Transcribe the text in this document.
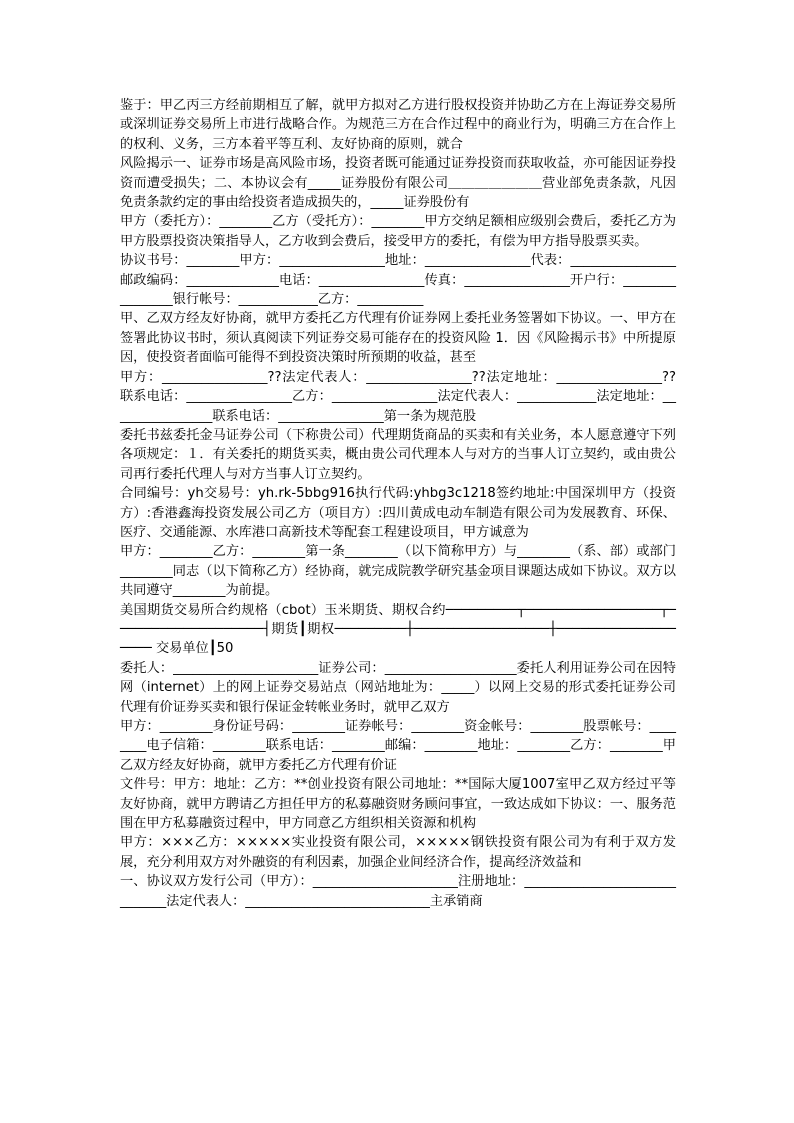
鉴于：甲乙丙三方经前期相互了解，就甲方拟对乙方进行股权投资并协助乙方在上海证券交易所或深圳证券交易所上市进行战略合作。为规范三方在合作过程中的商业行为，明确三方在合作上的权利、义务，三方本着平等互利、友好协商的原则，就合

风险揭示一、证券市场是高风险市场，投资者既可能通过证券投资而获取收益，亦可能因证券投资而遭受损失；二、本协议会有_____证券股份有限公司＿＿＿＿＿＿＿营业部免责条款，凡因免责条款约定的事由给投资者造成损失的，_____证券股份有

甲方（委托方）：________乙方（受托方）：________甲方交纳足额相应级别会费后，委托乙方为甲方股票投资决策指导人，乙方收到会费后，接受甲方的委托，有偿为甲方指导股票买卖。

协议书号：________甲方：________________地址：________________代表：________________邮政编码：______________电话：________________传真：________________开户行：________________银行帐号：____________乙方：__________

甲、乙双方经友好协商，就甲方委托乙方代理有价证券网上委托业务签署如下协议。一、甲方在签署此协议书时，须认真阅读下列证券交易可能存在的投资风险 1．因《风险揭示书》中所提原因，使投资者面临可能得不到投资决策时所预期的收益，甚至

甲方：________________??法定代表人：________________??法定地址：________________??联系电话：________________乙方：________________法定代表人：____________法定地址：________________联系电话：________________第一条为规范股

委托书兹委托金马证券公司（下称贵公司）代理期货商品的买卖和有关业务，本人愿意遵守下列各项规定：１．有关委托的期货买卖，概由贵公司代理本人与对方的当事人订立契约，或由贵公司再行委托代理人与对方当事人订立契约。

合同编号：yh交易号：yh.rk-5bbg916执行代码:yhbg3c1218签约地址:中国深圳甲方（投资方）:香港鑫海投资发展公司乙方（项目方）:四川黄成电动车制造有限公司为发展教育、环保、医疗、交通能源、水库港口高新技术等配套工程建设项目，甲方诚意为

甲方：________乙方：________第一条________（以下简称甲方）与________（系、部）或部门________同志（以下简称乙方）经协商，就完成院教学研究基金项目课题达成如下协议。双方以共同遵守________为前提。

美国期货交易所合约规格（cbot）玉米期货、期权合约─────────┬─────────────────┬───────────────────┤期货┃期权─────────┼─────────────────┼─────────────────── 交易单位┃50

委托人：______________________证券公司：____________________委托人利用证券公司在因特网（internet）上的网上证券交易站点（网站地址为：_____）以网上交易的形式委托证券公司代理有价证券买卖和银行保证金转帐业务时，就甲乙双方

甲方：________身份证号码：________证券帐号：________资金帐号：________股票帐号：________电子信箱：________联系电话：________邮编：________地址：________乙方：________甲乙双方经友好协商，就甲方委托乙方代理有价证

文件号：甲方：地址：乙方：**创业投资有限公司地址：**国际大厦1007室甲乙双方经过平等友好协商，就甲方聘请乙方担任甲方的私募融资财务顾问事宜，一致达成如下协议：一、服务范围在甲方私募融资过程中，甲方同意乙方组织相关资源和机构

甲方：×××乙方：×××××实业投资有限公司，×××××钢铁投资有限公司为有利于双方发展，充分利用双方对外融资的有利因素，加强企业间经济合作，提高经济效益和

一、协议双方发行公司（甲方）：______________________注册地址：______________________________法定代表人：____________________________主承销商
